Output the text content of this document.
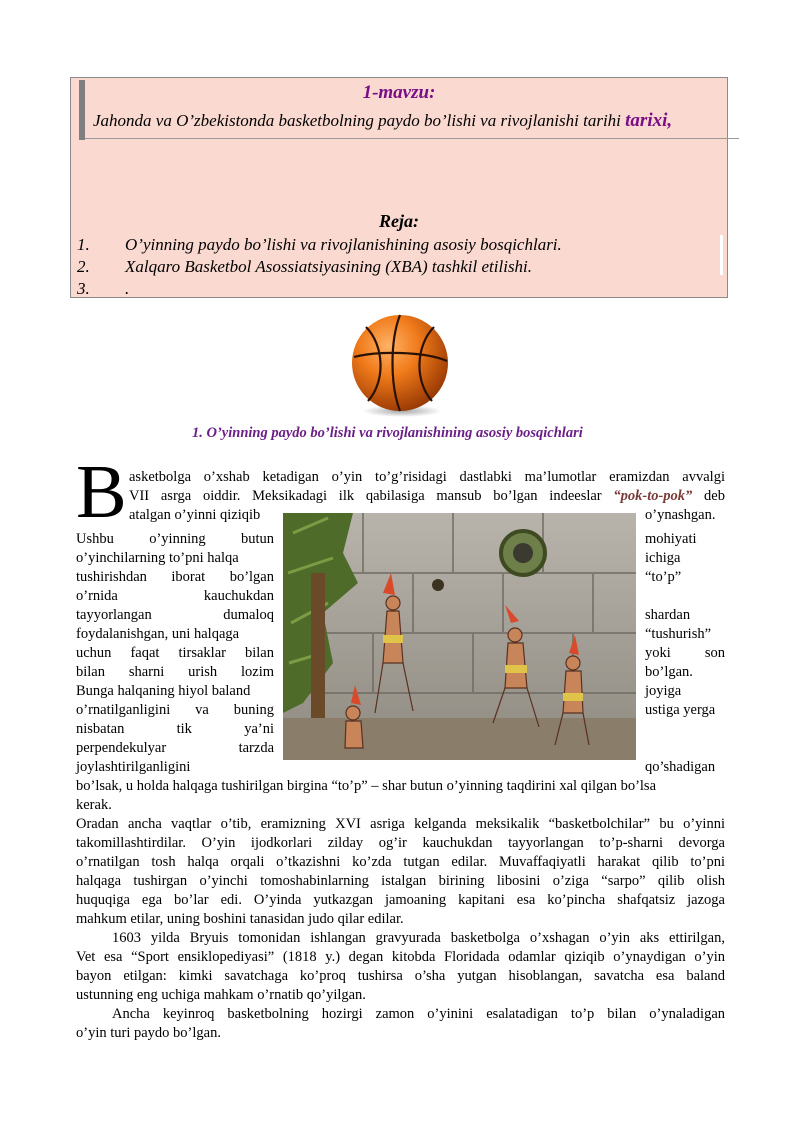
1-mavzu:
Jahonda va O’zbekistonda basketbolning paydo bo’lishi va rivojlanishi tarihi tarixi,
Reja:
1. O’yinning paydo bo’lishi va rivojlanishining asosiy bosqichlari.
2. Xalqaro Basketbol Asossiatsiyasining (XBA) tashkil etilishi.
3. .
1. O’yinning paydo bo’lishi va rivojlanishining asosiy bosqichlari
B asketbolga o’xshab ketadigan o’yin to’g’risidagi dastlabki ma’lumotlar eramizdan avvalgi
VII asrga oiddir. Meksikadagi ilk qabilasiga mansub bo’lgan indeeslar “pok-to-pok” deb
atalgan o’yinni qiziqib	o’ynashgan.
Ushbu o’yinning butun
o’yinchilarning to’pni halqa
tushirishdan iborat bo’lgan
o’rnida kauchukdan
tayyorlangan dumaloq
foydalanishgan, uni halqaga
uchun faqat tirsaklar bilan
bilan sharni urish lozim
Bunga halqaning hiyol baland
o’rnatilganligini va buning
nisbatan tik ya’ni
perpendekulyar tarzda
joylashtirilganligini
mohiyati
ichiga
“to’p”
shardan
“tushurish”
yoki son
bo’lgan.
joyiga
ustiga yerga
qo’shadigan
bo’lsak, u holda halqaga tushirilgan birgina “to’p” – shar butun o’yinning taqdirini xal qilgan bo’lsa
kerak.
Oradan ancha vaqtlar o’tib, eramizning XVI asriga kelganda meksikalik “basketbolchilar” bu o’yinni
takomillashtirdilar. O’yin ijodkorlari zilday og’ir kauchukdan tayyorlangan to’p-sharni devorga
o’rnatilgan tosh halqa orqali o’tkazishni ko’zda tutgan edilar. Muvaffaqiyatli harakat qilib to’pni
halqaga tushirgan o’yinchi tomoshabinlarning istalgan birining libosini o’ziga “sarpo” qilib olish
huquqiga ega bo’lar edi. O’yinda yutkazgan jamoaning kapitani esa ko’pincha shafqatsiz jazoga
mahkum etilar, uning boshini tanasidan judo qilar edilar.
1603 yilda Bryuis tomonidan ishlangan gravyurada basketbolga o’xshagan o’yin aks ettirilgan,
Vet esa “Sport ensiklopediyasi” (1818 y.) degan kitobda Floridada odamlar qiziqib o’ynaydigan o’yin
bayon etilgan: kimki savatchaga ko’proq tushirsa o’sha yutgan hisoblangan, savatcha esa baland
ustunning eng uchiga mahkam o’rnatib qo’yilgan.
Ancha keyinroq basketbolning hozirgi zamon o’yinini esalatadigan to’p bilan o’ynaladigan
o’yin turi paydo bo’lgan.
